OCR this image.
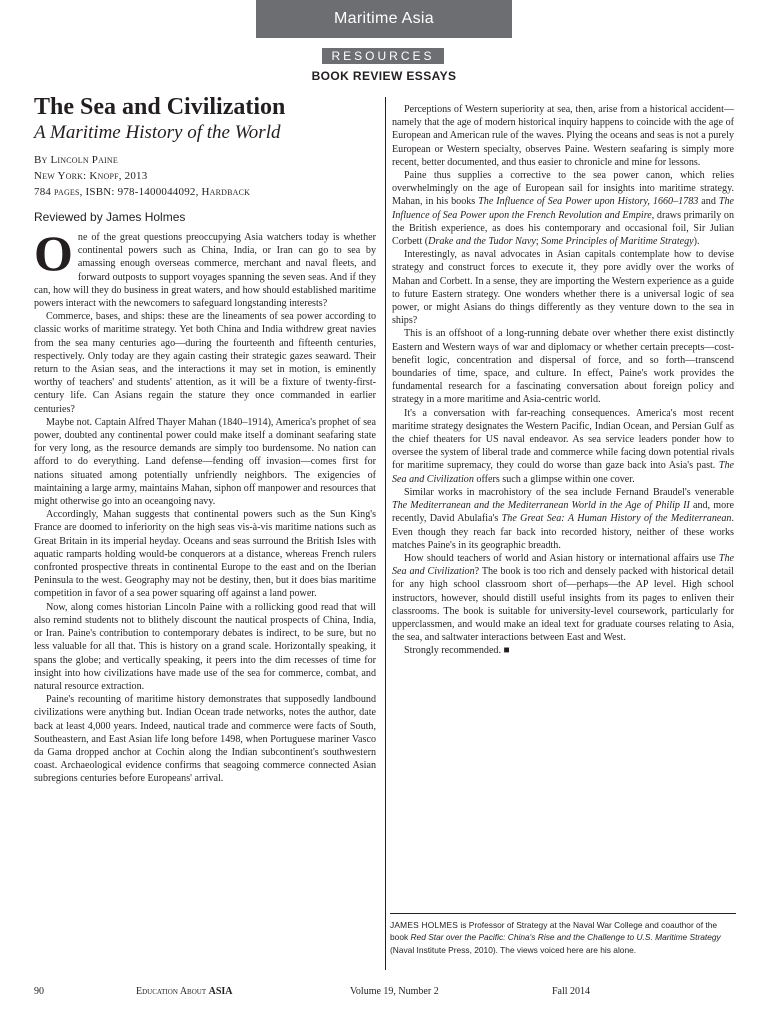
Maritime Asia
RESOURCES
BOOK REVIEW ESSAYS
The Sea and Civilization
A Maritime History of the World
By Lincoln Paine
New York: Knopf, 2013
784 pages, ISBN: 978-1400044092, Hardback
Reviewed by James Holmes

One of the great questions preoccupying Asia watchers today is whether continental powers such as China, India, or Iran can go to sea by amassing enough overseas commerce, merchant and naval fleets, and forward outposts to support voyages spanning the seven seas. And if they can, how will they do business in great waters, and how should established maritime powers interact with the newcomers to safeguard longstanding interests?

Commerce, bases, and ships: these are the lineaments of sea power according to classic works of maritime strategy. Yet both China and India withdrew great navies from the sea many centuries ago—during the fourteenth and fifteenth centuries, respectively. Only today are they again casting their strategic gazes seaward. Their return to the Asian seas, and the interactions it may set in motion, is eminently worthy of teachers' and students' attention, as it will be a fixture of twenty-first-century life. Can Asians regain the stature they once commanded in earlier centuries?

Maybe not. Captain Alfred Thayer Mahan (1840–1914), America's prophet of sea power, doubted any continental power could make itself a dominant seafaring state for very long, as the resource demands are simply too burdensome. No nation can afford to do everything. Land defense—fending off invasion—comes first for nations situated among potentially unfriendly neighbors. The exigencies of maintaining a large army, maintains Mahan, siphon off manpower and resources that might otherwise go into an oceangoing navy.

Accordingly, Mahan suggests that continental powers such as the Sun King's France are doomed to inferiority on the high seas vis-à-vis maritime nations such as Great Britain in its imperial heyday. Oceans and seas surround the British Isles with aquatic ramparts holding would-be conquerors at a distance, whereas French rulers confronted prospective threats in continental Europe to the east and on the Iberian Peninsula to the west. Geography may not be destiny, then, but it does bias maritime competition in favor of a sea power squaring off against a land power.

Now, along comes historian Lincoln Paine with a rollicking good read that will also remind students not to blithely discount the nautical prospects of China, India, or Iran. Paine's contribution to contemporary debates is indirect, to be sure, but no less valuable for all that. This is history on a grand scale. Horizontally speaking, it spans the globe; and vertically speaking, it peers into the dim recesses of time for insight into how civilizations have made use of the sea for commerce, combat, and natural resource extraction.

Paine's recounting of maritime history demonstrates that supposedly landbound civilizations were anything but. Indian Ocean trade networks, notes the author, date back at least 4,000 years. Indeed, nautical trade and commerce were facts of South, Southeastern, and East Asian life long before 1498, when Portuguese mariner Vasco da Gama dropped anchor at Cochin along the Indian subcontinent's southwestern coast. Archaeological evidence confirms that seagoing commerce connected Asian subregions centuries before Europeans' arrival.

Perceptions of Western superiority at sea, then, arise from a historical accident—namely that the age of modern historical inquiry happens to coincide with the age of European and American rule of the waves. Plying the oceans and seas is not a purely European or Western specialty, observes Paine. Western seafaring is simply more recent, better documented, and thus easier to chronicle and mine for lessons.

Paine thus supplies a corrective to the sea power canon, which relies overwhelmingly on the age of European sail for insights into maritime strategy. Mahan, in his books The Influence of Sea Power upon History, 1660–1783 and The Influence of Sea Power upon the French Revolution and Empire, draws primarily on the British experience, as does his contemporary and occasional foil, Sir Julian Corbett (Drake and the Tudor Navy; Some Principles of Maritime Strategy).

Interestingly, as naval advocates in Asian capitals contemplate how to devise strategy and construct forces to execute it, they pore avidly over the works of Mahan and Corbett. In a sense, they are importing the Western experience as a guide to future Eastern strategy. One wonders whether there is a universal logic of sea power, or might Asians do things differently as they venture down to the sea in ships?

This is an offshoot of a long-running debate over whether there exist distinctly Eastern and Western ways of war and diplomacy or whether certain precepts—cost-benefit logic, concentration and dispersal of force, and so forth—transcend boundaries of time, space, and culture. In effect, Paine's work provides the fundamental research for a fascinating conversation about foreign policy and strategy in a more maritime and Asia-centric world.

It's a conversation with far-reaching consequences. America's most recent maritime strategy designates the Western Pacific, Indian Ocean, and Persian Gulf as the chief theaters for US naval endeavor. As sea service leaders ponder how to oversee the system of liberal trade and commerce while facing down potential rivals for maritime supremacy, they could do worse than gaze back into Asia's past. The Sea and Civilization offers such a glimpse within one cover.

Similar works in macrohistory of the sea include Fernand Braudel's venerable The Mediterranean and the Mediterranean World in the Age of Philip II and, more recently, David Abulafia's The Great Sea: A Human History of the Mediterranean. Even though they reach far back into recorded history, neither of these works matches Paine's in its geographic breadth.

How should teachers of world and Asian history or international affairs use The Sea and Civilization? The book is too rich and densely packed with historical detail for any high school classroom short of—perhaps—the AP level. High school instructors, however, should distill useful insights from its pages to enliven their classrooms. The book is suitable for university-level coursework, particularly for upperclassmen, and would make an ideal text for graduate courses relating to Asia, the sea, and saltwater interactions between East and West.

Strongly recommended. ■

JAMES HOLMES is Professor of Strategy at the Naval War College and coauthor of the book Red Star over the Pacific: China's Rise and the Challenge to U.S. Maritime Strategy (Naval Institute Press, 2010). The views voiced here are his alone.
90	Education About ASIA	Volume 19, Number 2	Fall 2014
